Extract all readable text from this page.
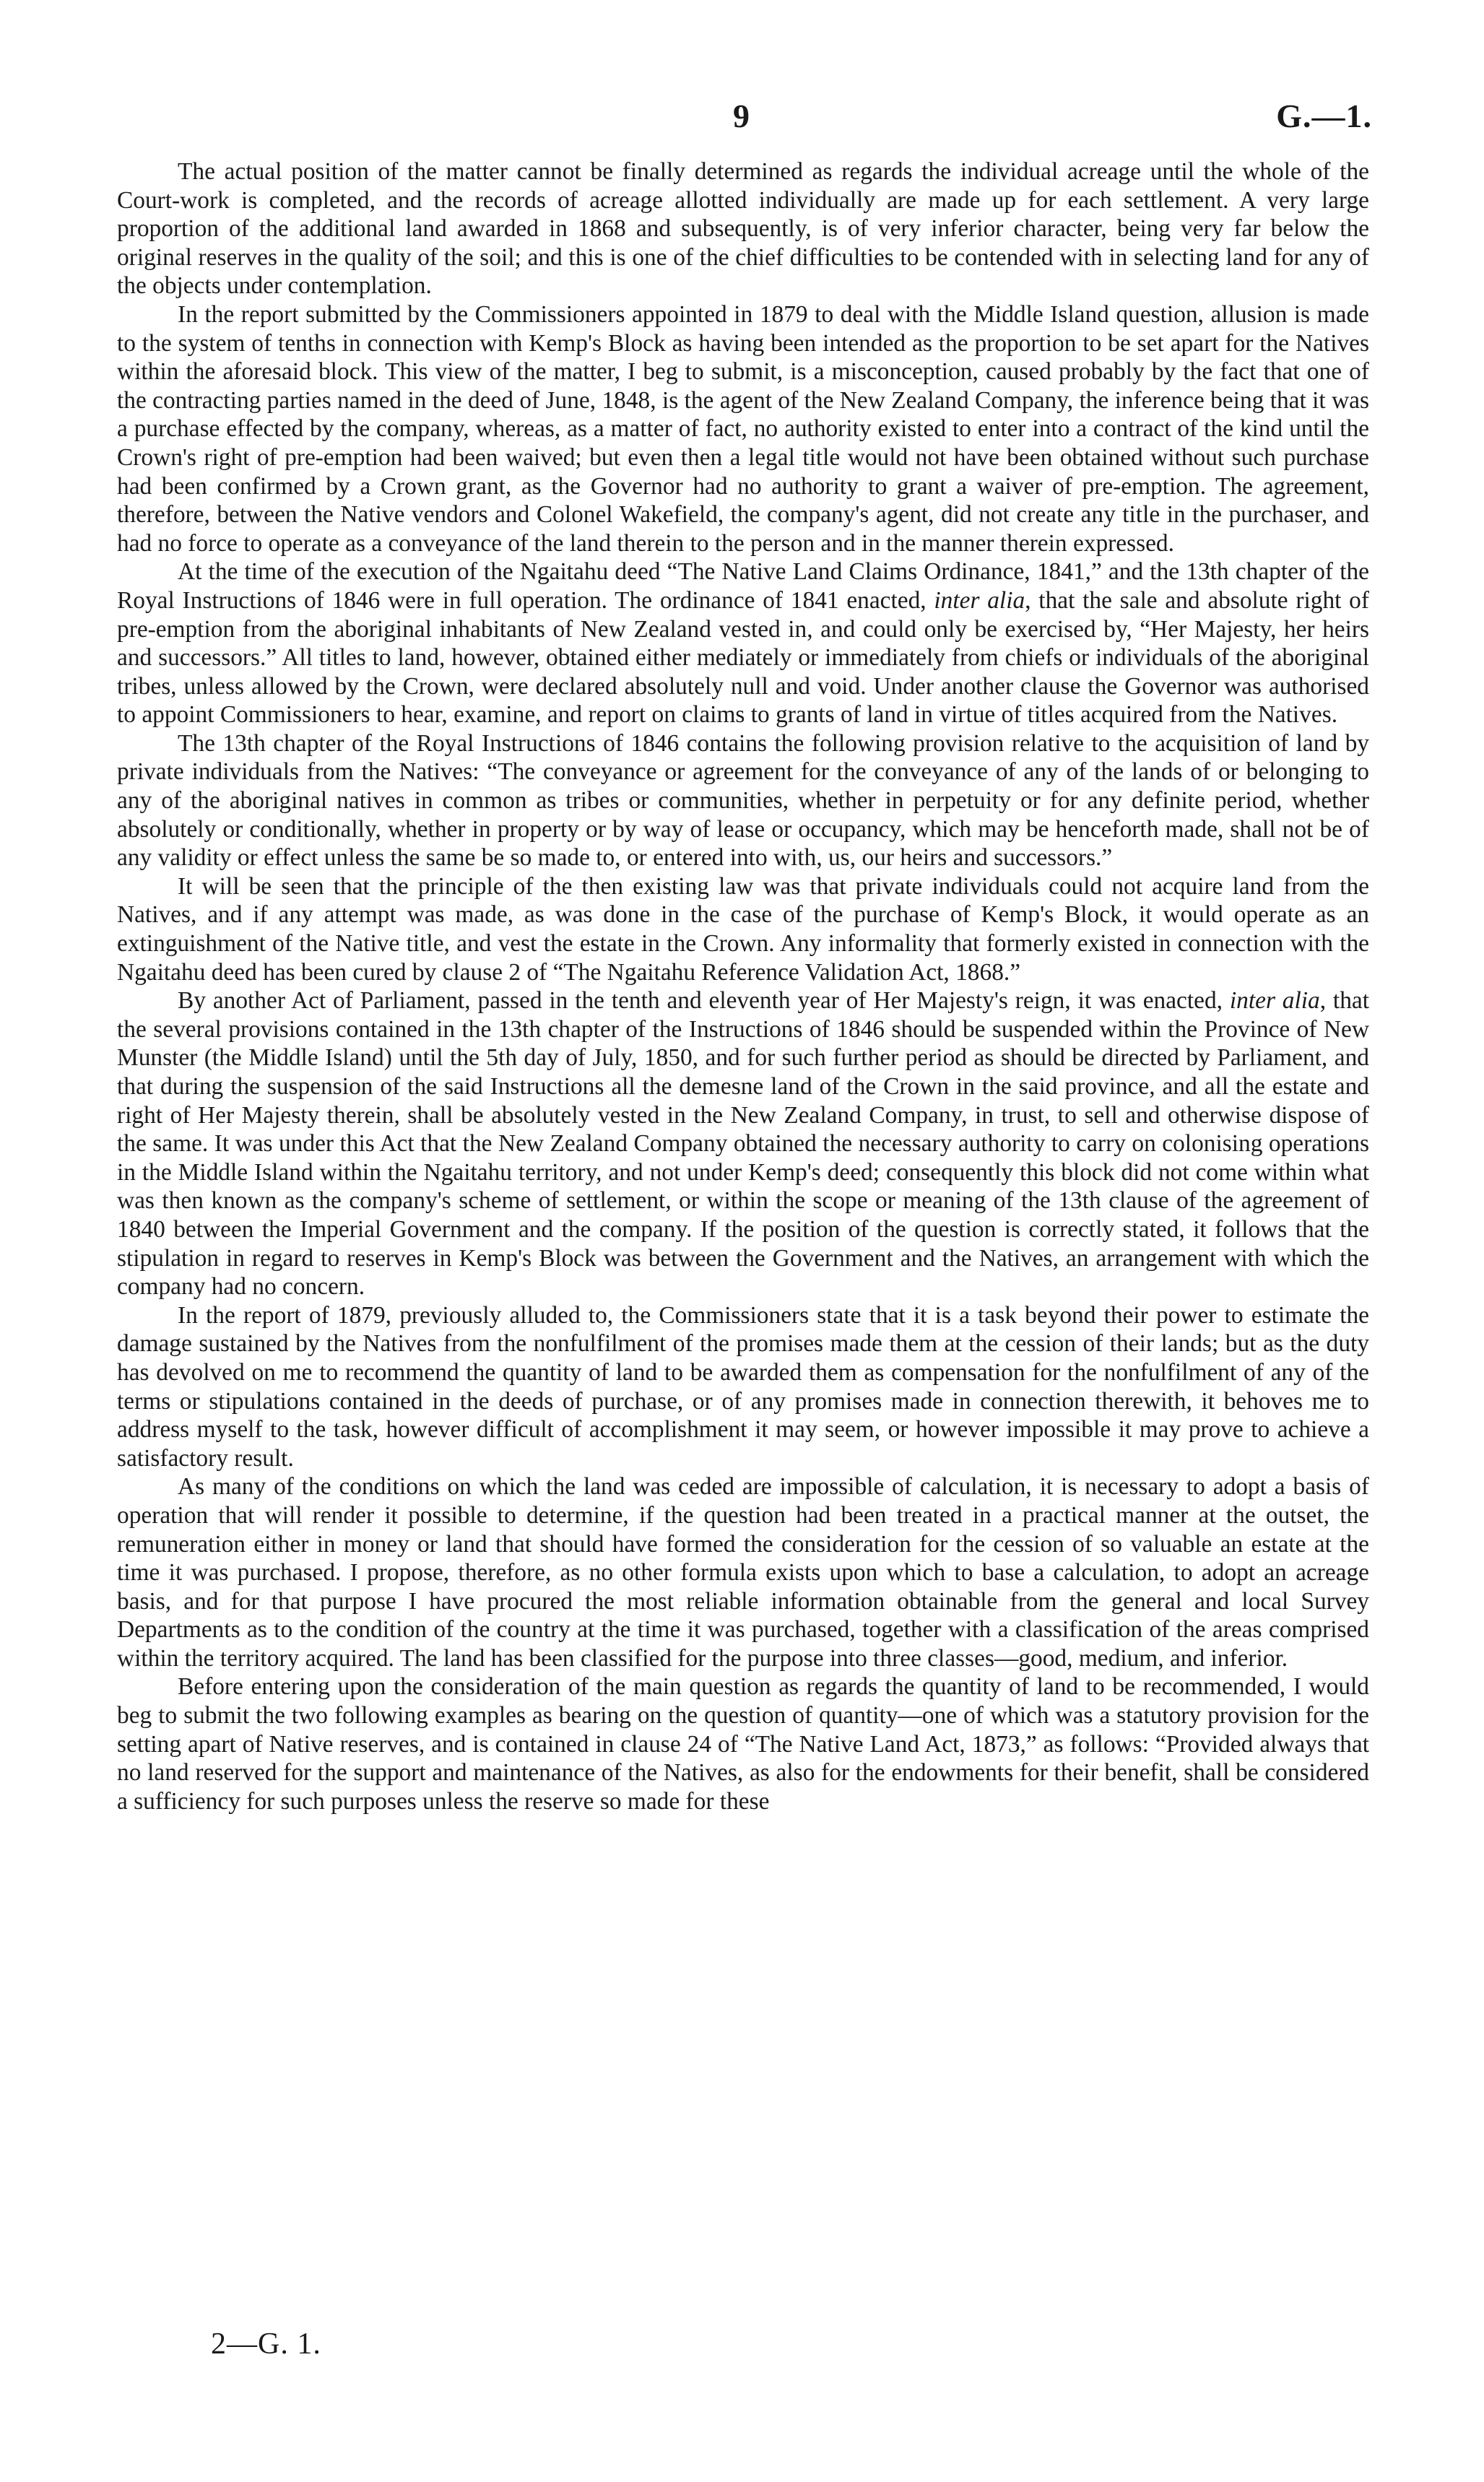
9	G.—1.

The actual position of the matter cannot be finally determined as regards the individual acreage until the whole of the Court-work is completed, and the records of acreage allotted individually are made up for each settlement. A very large proportion of the additional land awarded in 1868 and subsequently, is of very inferior character, being very far below the original reserves in the quality of the soil; and this is one of the chief difficulties to be contended with in selecting land for any of the objects under contemplation.

In the report submitted by the Commissioners appointed in 1879 to deal with the Middle Island question, allusion is made to the system of tenths in connection with Kemp's Block as having been intended as the proportion to be set apart for the Natives within the aforesaid block. This view of the matter, I beg to submit, is a misconception, caused probably by the fact that one of the contracting parties named in the deed of June, 1848, is the agent of the New Zealand Company, the inference being that it was a purchase effected by the company, whereas, as a matter of fact, no authority existed to enter into a contract of the kind until the Crown's right of pre-emption had been waived; but even then a legal title would not have been obtained without such purchase had been confirmed by a Crown grant, as the Governor had no authority to grant a waiver of pre-emption. The agreement, therefore, between the Native vendors and Colonel Wakefield, the company's agent, did not create any title in the purchaser, and had no force to operate as a conveyance of the land therein to the person and in the manner therein expressed.

At the time of the execution of the Ngaitahu deed “The Native Land Claims Ordinance, 1841,” and the 13th chapter of the Royal Instructions of 1846 were in full operation. The ordinance of 1841 enacted, inter alia, that the sale and absolute right of pre-emption from the aboriginal inhabitants of New Zealand vested in, and could only be exercised by, “Her Majesty, her heirs and successors.” All titles to land, however, obtained either mediately or immediately from chiefs or individuals of the aboriginal tribes, unless allowed by the Crown, were declared absolutely null and void. Under another clause the Governor was authorised to appoint Commissioners to hear, examine, and report on claims to grants of land in virtue of titles acquired from the Natives.

The 13th chapter of the Royal Instructions of 1846 contains the following provision relative to the acquisition of land by private individuals from the Natives: “The conveyance or agreement for the conveyance of any of the lands of or belonging to any of the aboriginal natives in common as tribes or communities, whether in perpetuity or for any definite period, whether absolutely or conditionally, whether in property or by way of lease or occupancy, which may be henceforth made, shall not be of any validity or effect unless the same be so made to, or entered into with, us, our heirs and successors.”

It will be seen that the principle of the then existing law was that private individuals could not acquire land from the Natives, and if any attempt was made, as was done in the case of the purchase of Kemp's Block, it would operate as an extinguishment of the Native title, and vest the estate in the Crown. Any informality that formerly existed in connection with the Ngaitahu deed has been cured by clause 2 of “The Ngaitahu Reference Validation Act, 1868.”

By another Act of Parliament, passed in the tenth and eleventh year of Her Majesty's reign, it was enacted, inter alia, that the several provisions contained in the 13th chapter of the Instructions of 1846 should be suspended within the Province of New Munster (the Middle Island) until the 5th day of July, 1850, and for such further period as should be directed by Parliament, and that during the suspension of the said Instructions all the demesne land of the Crown in the said province, and all the estate and right of Her Majesty therein, shall be absolutely vested in the New Zealand Company, in trust, to sell and otherwise dispose of the same. It was under this Act that the New Zealand Company obtained the necessary authority to carry on colonising operations in the Middle Island within the Ngaitahu territory, and not under Kemp's deed; consequently this block did not come within what was then known as the company's scheme of settlement, or within the scope or meaning of the 13th clause of the agreement of 1840 between the Imperial Government and the company. If the position of the question is correctly stated, it follows that the stipulation in regard to reserves in Kemp's Block was between the Government and the Natives, an arrangement with which the company had no concern.

In the report of 1879, previously alluded to, the Commissioners state that it is a task beyond their power to estimate the damage sustained by the Natives from the nonfulfilment of the promises made them at the cession of their lands; but as the duty has devolved on me to recommend the quantity of land to be awarded them as compensation for the nonfulfilment of any of the terms or stipulations contained in the deeds of purchase, or of any promises made in connection therewith, it behoves me to address myself to the task, however difficult of accomplishment it may seem, or however impossible it may prove to achieve a satisfactory result.

As many of the conditions on which the land was ceded are impossible of calculation, it is necessary to adopt a basis of operation that will render it possible to determine, if the question had been treated in a practical manner at the outset, the remuneration either in money or land that should have formed the consideration for the cession of so valuable an estate at the time it was purchased. I propose, therefore, as no other formula exists upon which to base a calculation, to adopt an acreage basis, and for that purpose I have procured the most reliable information obtainable from the general and local Survey Departments as to the condition of the country at the time it was purchased, together with a classification of the areas comprised within the territory acquired. The land has been classified for the purpose into three classes—good, medium, and inferior.

Before entering upon the consideration of the main question as regards the quantity of land to be recommended, I would beg to submit the two following examples as bearing on the question of quantity—one of which was a statutory provision for the setting apart of Native reserves, and is contained in clause 24 of “The Native Land Act, 1873,” as follows: “Provided always that no land reserved for the support and maintenance of the Natives, as also for the endowments for their benefit, shall be considered a sufficiency for such purposes unless the reserve so made for these

2—G. 1.
